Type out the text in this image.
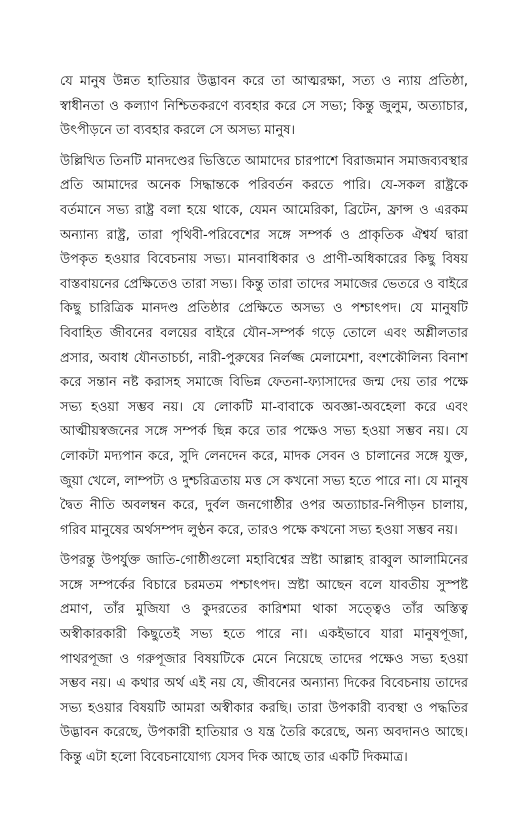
যে মানুষ উন্নত হাতিয়ার উদ্ভাবন করে তা আত্মরক্ষা, সত্য ও ন্যায় প্রতিষ্ঠা, স্বাধীনতা ও কল্যাণ নিশ্চিতকরণে ব্যবহার করে সে সভ্য; কিন্তু জুলুম, অত্যাচার, উৎপীড়নে তা ব্যবহার করলে সে অসভ্য মানুষ।

উল্লিখিত তিনটি মানদণ্ডের ভিত্তিতে আমাদের চারপাশে বিরাজমান সমাজব্যবস্থার প্রতি আমাদের অনেক সিদ্ধান্তকে পরিবর্তন করতে পারি। যে-সকল রাষ্ট্রকে বর্তমানে সভ্য রাষ্ট্র বলা হয়ে থাকে, যেমন আমেরিকা, ব্রিটেন, ফ্রান্স ও এরকম অন্যান্য রাষ্ট্র, তারা পৃথিবী-পরিবেশের সঙ্গে সম্পর্ক ও প্রাকৃতিক ঐশ্বর্য দ্বারা উপকৃত হওয়ার বিবেচনায় সভ্য। মানবাধিকার ও প্রাণী-অধিকারের কিছু বিষয় বাস্তবায়নের প্রেক্ষিতেও তারা সভ্য। কিন্তু তারা তাদের সমাজের ভেতরে ও বাইরে কিছু চারিত্রিক মানদণ্ড প্রতিষ্ঠার প্রেক্ষিতে অসভ্য ও পশ্চাৎপদ। যে মানুষটি বিবাহিত জীবনের বলয়ের বাইরে যৌন-সম্পর্ক গড়ে তোলে এবং অশ্লীলতার প্রসার, অবাধ যৌনতাচর্চা, নারী-পুরুষের নির্লজ্জ মেলামেশা, বংশকৌলিন্য বিনাশ করে সন্তান নষ্ট করাসহ সমাজে বিভিন্ন ফেতনা-ফ্যাসাদের জন্ম দেয় তার পক্ষে সভ্য হওয়া সম্ভব নয়। যে লোকটি মা-বাবাকে অবজ্ঞা-অবহেলা করে এবং আত্মীয়স্বজনের সঙ্গে সম্পর্ক ছিন্ন করে তার পক্ষেও সভ্য হওয়া সম্ভব নয়। যে লোকটা মদ্যপান করে, সুদি লেনদেন করে, মাদক সেবন ও চালানের সঙ্গে যুক্ত, জুয়া খেলে, লাম্পট্য ও দুশ্চরিত্রতায় মত্ত সে কখনো সভ্য হতে পারে না। যে মানুষ দ্বৈত নীতি অবলম্বন করে, দুর্বল জনগোষ্ঠীর ওপর অত্যাচার-নিপীড়ন চালায়, গরিব মানুষের অর্থসম্পদ লুণ্ঠন করে, তারও পক্ষে কখনো সভ্য হওয়া সম্ভব নয়।

উপরন্তু উপর্যুক্ত জাতি-গোষ্ঠীগুলো মহাবিশ্বের স্রষ্টা আল্লাহ রাব্বুল আলামিনের সঙ্গে সম্পর্কের বিচারে চরমতম পশ্চাৎপদ। স্রষ্টা আছেন বলে যাবতীয় সুস্পষ্ট প্রমাণ, তাঁর মুজিযা ও কুদরতের কারিশমা থাকা সত্ত্বেও তাঁর অস্তিত্ব অস্বীকারকারী কিছুতেই সভ্য হতে পারে না। একইভাবে যারা মানুষপূজা, পাথরপূজা ও গরুপূজার বিষয়টিকে মেনে নিয়েছে তাদের পক্ষেও সভ্য হওয়া সম্ভব নয়। এ কথার অর্থ এই নয় যে, জীবনের অন্যান্য দিকের বিবেচনায় তাদের সভ্য হওয়ার বিষয়টি আমরা অস্বীকার করছি। তারা উপকারী ব্যবস্থা ও পদ্ধতির উদ্ভাবন করেছে, উপকারী হাতিয়ার ও যন্ত্র তৈরি করেছে, অন্য অবদানও আছে। কিন্তু এটা হলো বিবেচনাযোগ্য যেসব দিক আছে তার একটি দিকমাত্র।
